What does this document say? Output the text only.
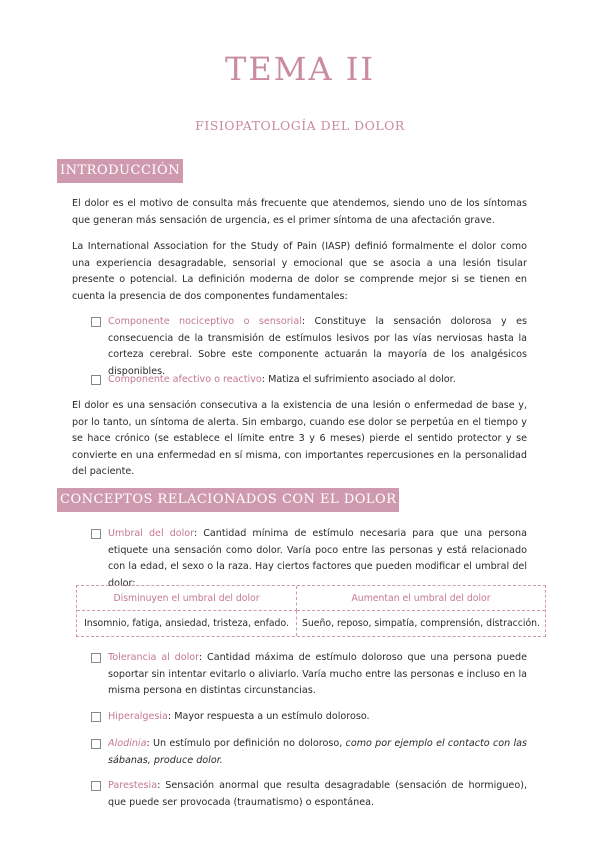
TEMA II
FISIOPATOLOGÍA DEL DOLOR
INTRODUCCIÓN

El dolor es el motivo de consulta más frecuente que atendemos, siendo uno de los síntomas que generan más sensación de urgencia, es el primer síntoma de una afectación grave.

La International Association for the Study of Pain (IASP) definió formalmente el dolor como una experiencia desagradable, sensorial y emocional que se asocia a una lesión tisular presente o potencial. La definición moderna de dolor se comprende mejor si se tienen en cuenta la presencia de dos componentes fundamentales:

Componente nociceptivo o sensorial: Constituye la sensación dolorosa y es consecuencia de la transmisión de estímulos lesivos por las vías nerviosas hasta la corteza cerebral. Sobre este componente actuarán la mayoría de los analgésicos disponibles.
Componente afectivo o reactivo: Matiza el sufrimiento asociado al dolor.

El dolor es una sensación consecutiva a la existencia de una lesión o enfermedad de base y, por lo tanto, un síntoma de alerta. Sin embargo, cuando ese dolor se perpetúa en el tiempo y se hace crónico (se establece el límite entre 3 y 6 meses) pierde el sentido protector y se convierte en una enfermedad en sí misma, con importantes repercusiones en la personalidad del paciente.

CONCEPTOS RELACIONADOS CON EL DOLOR
Umbral del dolor: Cantidad mínima de estímulo necesaria para que una persona etiquete una sensación como dolor. Varía poco entre las personas y está relacionado con la edad, el sexo o la raza. Hay ciertos factores que pueden modificar el umbral del dolor:
Disminuyen el umbral del dolor	Aumentan el umbral del dolor
Insomnio, fatiga, ansiedad, tristeza, enfado.	Sueño, reposo, simpatía, comprensión, distracción.
Tolerancia al dolor: Cantidad máxima de estímulo doloroso que una persona puede soportar sin intentar evitarlo o aliviarlo. Varía mucho entre las personas e incluso en la misma persona en distintas circunstancias.
Hiperalgesia: Mayor respuesta a un estímulo doloroso.
Alodinia: Un estímulo por definición no doloroso, como por ejemplo el contacto con las sábanas, produce dolor.
Parestesia: Sensación anormal que resulta desagradable (sensación de hormigueo), que puede ser provocada (traumatismo) o espontánea.
